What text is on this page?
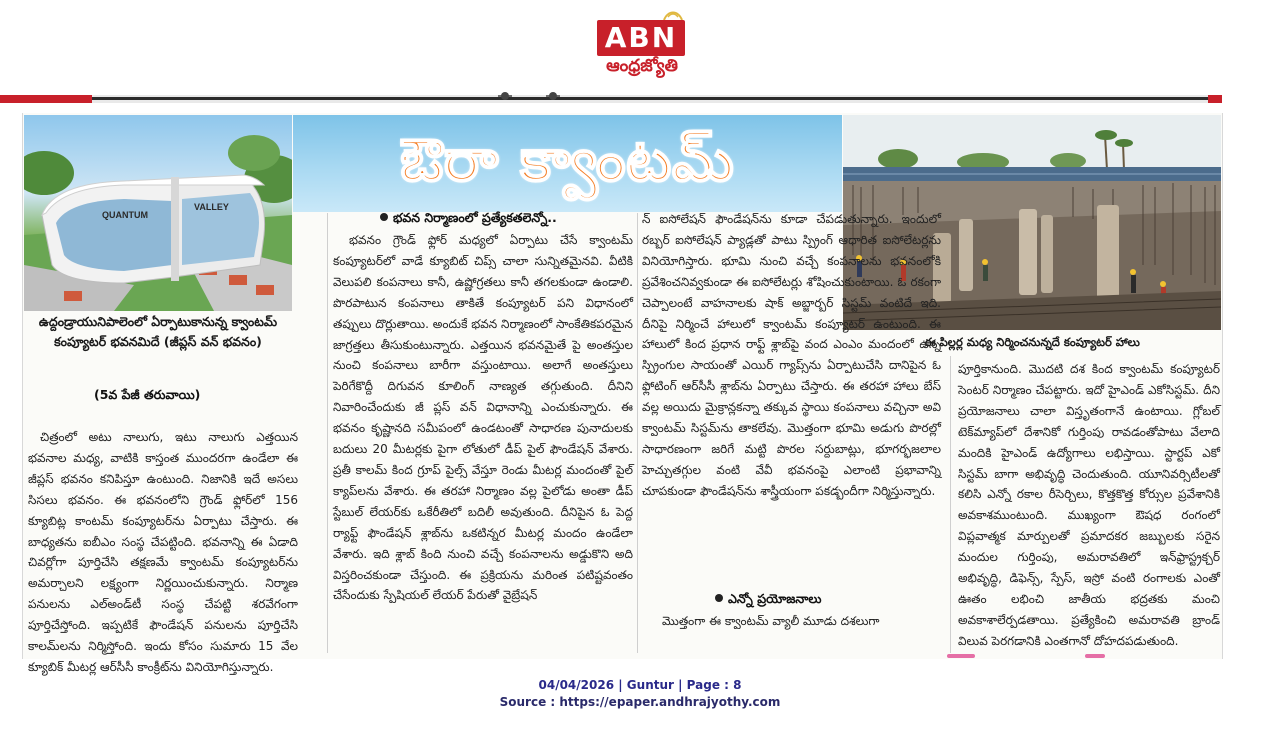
ABN
ఆంధ్రజ్యోతి
QUANTUM
VALLEY
ఉద్దండ్రాయునిపాలెంలో ఏర్పాటుకానున్న క్వాంటమ్ కంప్యూటర్ భవనమిదే (జీప్లస్ వన్ భవనం)
ఔరా క్వాంటమ్
ఈ పిల్లర్ల మధ్య నిర్మించనున్నదే కంప్యూటర్ హాలు
(5వ పేజీ తరువాయి)

చిత్రంలో అటు నాలుగు, ఇటు నాలుగు ఎత్తయిన భవనాల మధ్య, వాటికి కాస్తంత ముందరగా ఉండేలా ఈ జీప్లస్ భవనం కనిపిస్తూ ఉంటుంది. నిజానికి ఇదే అసలు సిసలు భవనం. ఈ భవనంలోని గ్రౌండ్ ఫ్లోర్‌లో 156 క్యూబిట్ల కాంటమ్ కంప్యూటర్‌ను ఏర్పాటు చేస్తారు. ఈ బాధ్యతను ఐబీఎం సంస్థ చేపట్టింది. భవనాన్ని ఈ ఏడాది చివర్లోగా పూర్తిచేసి తక్షణమే క్వాంటమ్ కంప్యూటర్‌ను అమర్చాలని లక్ష్యంగా నిర్ణయించుకున్నారు. నిర్మాణ పనులను ఎల్‌అండ్‌టీ సంస్థ చేపట్టి శరవేగంగా పూర్తిచేస్తోంది. ఇప్పటికే ఫౌండేషన్ పనులను పూర్తిచేసి కాలమ్‌లను నిర్మిస్తోంది. ఇందు కోసం సుమారు 15 వేల క్యూబిక్ మీటర్ల ఆర్‌సీసీ కాంక్రీట్‌ను వినియోగిస్తున్నారు.

భవన నిర్మాణంలో ప్రత్యేకతలెన్నో..

భవనం గ్రౌండ్ ఫ్లోర్ మధ్యలో ఏర్పాటు చేసే క్వాంటమ్ కంప్యూటర్‌లో వాడే క్యూబిట్ చిప్స్ చాలా సున్నితమైనవి. వీటికి వెలుపలి కంపనాలు కానీ, ఉష్ణోగ్రతలు కానీ తగలకుండా ఉండాలి. పొరపాటున కంపనాలు తాకితే కంప్యూటర్ పని విధానంలో తప్పులు దొర్లుతాయి. అందుకే భవన నిర్మాణంలో సాంకేతికపరమైన జాగ్రత్తలు తీసుకుంటున్నారు. ఎత్తయిన భవనమైతే పై అంతస్తుల నుంచి కంపనాలు బారీగా వస్తుంటాయి. అలాగే అంతస్తులు పెరిగేకొద్దీ దిగువన కూలింగ్ నాణ్యత తగ్గుతుంది. దీనిని నివారించేందుకు జీ ప్లస్ వన్ విధానాన్ని ఎంచుకున్నారు. ఈ భవనం కృష్ణానది సమీపంలో ఉండటంతో సాధారణ పునాదులకు బదులు 20 మీటర్లకు పైగా లోతులో డీప్ పైల్ ఫౌండేషన్ వేశారు. ప్రతీ కాలమ్ కింద గ్రూప్ పైల్స్ వేస్తూ రెండు మీటర్ల మందంతో పైల్ క్యాప్‌లను వేశారు. ఈ తరహా నిర్మాణం వల్ల పైలోడు అంతా డీప్ స్టేబుల్ లేయర్‌కు ఒకేరీతిలో బదిలీ అవుతుంది. దీనిపైన ఓ పెద్ద ర్యాఫ్ట్ ఫౌండేషన్ శ్లాబ్‌ను ఒకటిన్నర మీటర్ల మందం ఉండేలా వేశారు. ఇది శ్లాబ్ కింది నుంచి వచ్చే కంపనాలను అడ్డుకొని అది విస్తరించకుండా చేస్తుంది. ఈ ప్రక్రియను మరింత పటిష్టవంతం చేసేందుకు స్పేషియల్ లేయర్ పేరుతో వైబ్రేషన్

న్ ఐసోలేషన్ ఫౌండేషన్‌ను కూడా చేపడుతున్నారు. ఇందులో రబ్బర్ ఐసోలేషన్ ప్యాడ్లతో పాటు స్ప్రింగ్ ఆధారిత ఐసోలేటర్లను వినియోగిస్తారు. భూమి నుంచి వచ్చే కంపనాలను భవనంలోకి ప్రవేశించనివ్వకుండా ఈ ఐసోలేటర్లు శోషించుకుంటాయి. ఓ రకంగా చెప్పాలంటే వాహనాలకు షాక్ అబ్జార్బర్ సిస్టమ్ వంటిదే ఇది. దీనిపై నిర్మించే హాలులో క్వాంటమ్ కంప్యూటర్ ఉంటుంది. ఈ హాలులో కింద ప్రధాన రాఫ్ట్ శ్లాబ్‌పై వంద ఎంఎం మందంలో ఉన్న స్ప్రింగుల సాయంతో ఎయిర్ గ్యాప్స్‌ను ఏర్పాటుచేసి దానిపైన ఓ ఫ్లోటింగ్ ఆర్‌సీసీ శ్లాబ్‌ను ఏర్పాటు చేస్తారు. ఈ తరహా హాలు బేస్ వల్ల అయిదు మైక్రాన్లకన్నా తక్కువ స్థాయి కంపనాలు వచ్చినా అవి క్వాంటమ్ సిస్టమ్‌ను తాకలేవు. మొత్తంగా భూమి అడుగు పొరల్లో సాధారణంగా జరిగే మట్టి పొరల సర్దుబాట్లు, భూగర్భజలాల హెచ్చుతగ్గుల వంటి వేవీ భవనంపై ఎలాంటి ప్రభావాన్ని చూపకుండా ఫౌండేషన్‌ను శాస్త్రీయంగా పకడ్బందీగా నిర్మిస్తున్నారు.

ఎన్నో ప్రయోజనాలు

మొత్తంగా ఈ క్వాంటమ్ వ్యాలీ మూడు దశలుగా

పూర్తికానుంది. మొదటి దశ కింద క్వాంటమ్ కంప్యూటర్ సెంటర్ నిర్మాణం చేపట్టారు. ఇదో హైఎండ్ ఎకోసిస్టమ్. దీని ప్రయోజనాలు చాలా విస్తృతంగానే ఉంటాయి. గ్లోబల్ టెక్‌మ్యాప్‌లో దేశానికో గుర్తింపు రావడంతోపాటు వేలాది మందికి హైఎండ్ ఉద్యోగాలు లభిస్తాయి. స్టార్టప్ ఎకో సిస్టమ్ బాగా అభివృద్ధి చెందుతుంది. యూనివర్సిటీలతో కలిసి ఎన్నో రకాల రీసెర్చిలు, కొత్తకొత్త కోర్సుల ప్రవేశానికి అవకాశముంటుంది. ముఖ్యంగా ఔషధ రంగంలో విప్లవాత్మక మార్పులతో ప్రమాదకర జబ్బులకు సరైన మందుల గుర్తింపు, అమరావతిలో ఇన్‌ఫ్రాస్ట్రక్చర్ అభివృద్ధి, డిఫెన్స్, స్పేస్, ఇస్రో వంటి రంగాలకు ఎంతో ఊతం లభించి జాతీయ భద్రతకు మంచి అవకాశాలేర్పడతాయి. ప్రత్యేకించి అమరావతి బ్రాండ్ విలువ పెరగడానికి ఎంతగానో దోహదపడుతుంది.

04/04/2026 | Guntur | Page : 8
Source : https://epaper.andhrajyothy.com
